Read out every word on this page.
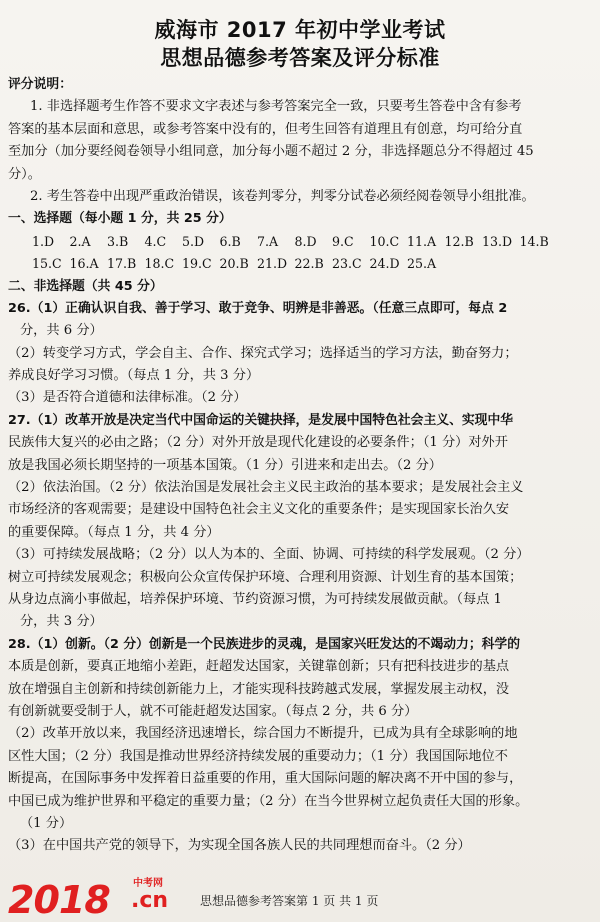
威海市 2017 年初中学业考试
思想品德参考答案及评分标准
评分说明：
1. 非选择题考生作答不要求文字表述与参考答案完全一致，只要考生答卷中含有参考
答案的基本层面和意思，或参考答案中没有的，但考生回答有道理且有创意，均可给分直
至加分（加分要经阅卷领导小组同意，加分每小题不超过 2 分，非选择题总分不得超过 45
分）。
2. 考生答卷中出现严重政治错误，该卷判零分，判零分试卷必须经阅卷领导小组批准。
一、选择题（每小题 1 分，共 25 分）
1.D 2.A 3.B 4.C 5.D 6.B 7.A 8.D 9.C 10.C 11.A 12.B 13.D 14.B
15.C 16.A 17.B 18.C 19.C 20.B 21.D 22.B 23.C 24.D 25.A
二、非选择题（共 45 分）
26.（1）正确认识自我、善于学习、敢于竞争、明辨是非善恶。（任意三点即可，每点 2
分，共 6 分）
（2）转变学习方式，学会自主、合作、探究式学习；选择适当的学习方法，勤奋努力；
养成良好学习习惯。（每点 1 分，共 3 分）
（3）是否符合道德和法律标准。（2 分）
27.（1）改革开放是决定当代中国命运的关键抉择，是发展中国特色社会主义、实现中华
民族伟大复兴的必由之路；（2 分）对外开放是现代化建设的必要条件；（1 分）对外开
放是我国必须长期坚持的一项基本国策。（1 分）引进来和走出去。（2 分）
（2）依法治国。（2 分）依法治国是发展社会主义民主政治的基本要求；是发展社会主义
市场经济的客观需要；是建设中国特色社会主义文化的重要条件；是实现国家长治久安
的重要保障。（每点 1 分，共 4 分）
（3）可持续发展战略；（2 分）以人为本的、全面、协调、可持续的科学发展观。（2 分）
树立可持续发展观念；积极向公众宣传保护环境、合理利用资源、计划生育的基本国策；
从身边点滴小事做起，培养保护环境、节约资源习惯，为可持续发展做贡献。（每点 1
分，共 3 分）
28.（1）创新。（2 分）创新是一个民族进步的灵魂，是国家兴旺发达的不竭动力；科学的
本质是创新，要真正地缩小差距，赶超发达国家，关键靠创新；只有把科技进步的基点
放在增强自主创新和持续创新能力上，才能实现科技跨越式发展，掌握发展主动权，没
有创新就要受制于人，就不可能赶超发达国家。（每点 2 分，共 6 分）
（2）改革开放以来，我国经济迅速增长，综合国力不断提升，已成为具有全球影响的地
区性大国；（2 分）我国是推动世界经济持续发展的重要动力；（1 分）我国国际地位不
断提高，在国际事务中发挥着日益重要的作用，重大国际问题的解决离不开中国的参与，
中国已成为维护世界和平稳定的重要力量；（2 分）在当今世界树立起负责任大国的形象。
（1 分）
（3）在中国共产党的领导下，为实现全国各族人民的共同理想而奋斗。（2 分）
2018 中考网
.cn	思想品德参考答案第 1 页 共 1 页
